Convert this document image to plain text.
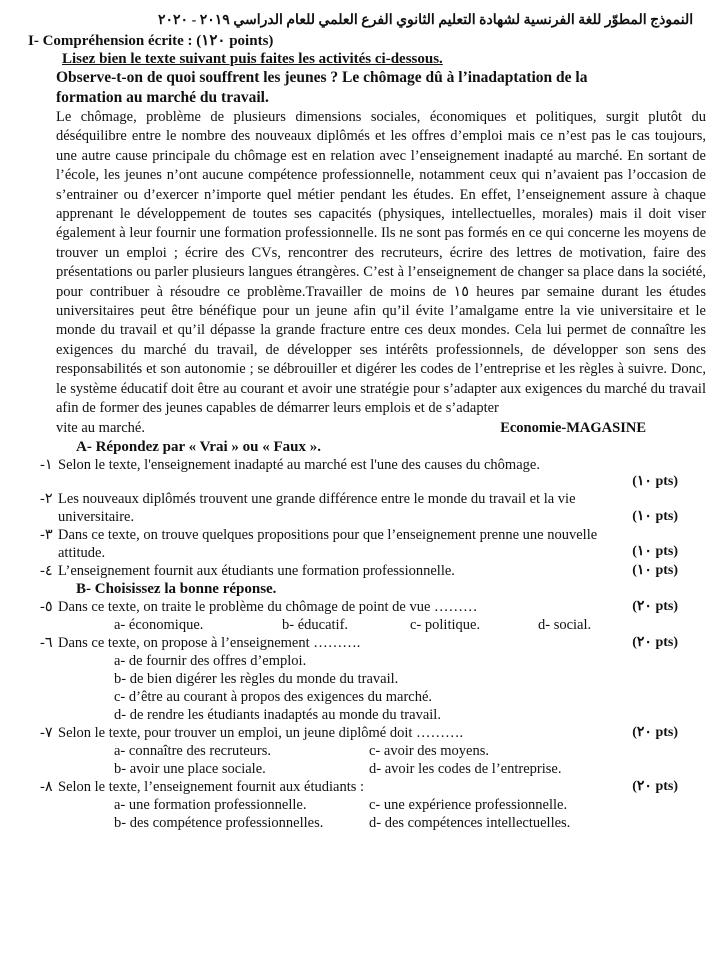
النموذج المطوّر للغة الفرنسية لشهادة التعليم الثانوي الفرع العلمي للعام الدراسي ٢٠١٩ - ٢٠٢٠
I- Compréhension écrite : (١٢٠ points)
Lisez bien le texte suivant puis faites les activités ci-dessous.
Observe-t-on de quoi souffrent les jeunes ? Le chômage dû à l’inadaptation de la
formation au marché du travail.
Le chômage, problème de plusieurs dimensions sociales, économiques et politiques, surgit plutôt du déséquilibre entre le nombre des nouveaux diplômés et les offres d’emploi mais ce n’est pas le cas toujours, une autre cause principale du chômage est en relation avec l’enseignement inadapté au marché. En sortant de l’école, les jeunes n’ont aucune compétence professionnelle, notamment ceux qui n’avaient pas l’occasion de s’entrainer ou d’exercer n’importe quel métier pendant les études. En effet, l’enseignement assure à chaque apprenant le développement de toutes ses capacités (physiques, intellectuelles, morales) mais il doit viser également à leur fournir une formation professionnelle. Ils ne sont pas formés en ce qui concerne les moyens de trouver un emploi ; écrire des CVs, rencontrer des recruteurs, écrire des lettres de motivation, faire des présentations ou parler plusieurs langues étrangères. C’est à l’enseignement de changer sa place dans la société, pour contribuer à résoudre ce problème.Travailler de moins de ١٥ heures par semaine durant les études universitaires peut être bénéfique pour un jeune afin qu’il évite l’amalgame entre la vie universitaire et le monde du travail et qu’il dépasse la grande fracture entre ces deux mondes. Cela lui permet de connaître les exigences du marché du travail, de développer ses intérêts professionnels, de développer son sens des responsabilités et son autonomie ; se débrouiller et digérer les codes de l’entreprise et les règles à suivre. Donc, le système éducatif doit être au courant et avoir une stratégie pour s’adapter aux exigences du marché du travail afin de former des jeunes capables de démarrer leurs emplois et de s’adapter
vite au marché.	Economie-MAGASINE
A- Répondez par « Vrai » ou « Faux ».
١- Selon le texte, l'enseignement inadapté au marché est l'une des causes du chômage.
(١٠ pts)
٢- Les nouveaux diplômés trouvent une grande différence entre le monde du travail et la vie
universitaire.	(١٠ pts)
٣- Dans ce texte, on trouve quelques propositions pour que l’enseignement prenne une nouvelle
(١٠ pts)
attitude.
٤- L’enseignement fournit aux étudiants une formation professionnelle.	(١٠ pts)
B- Choisissez la bonne réponse.
٥- Dans ce texte, on traite le problème du chômage de point de vue ………	(٢٠ pts)
a- économique.	b- éducatif.	c- politique.	d- social.
٦- Dans ce texte, on propose à l’enseignement ……….	(٢٠ pts)
a- de fournir des offres d’emploi.
b- de bien digérer les règles du monde du travail.
c- d’être au courant à propos des exigences du marché.
d- de rendre les étudiants inadaptés au monde du travail.
٧- Selon le texte, pour trouver un emploi, un jeune diplômé doit ……….	(٢٠ pts)
a- connaître des recruteurs.	c- avoir des moyens.
b- avoir une place sociale.	d- avoir les codes de l’entreprise.
٨- Selon le texte, l’enseignement fournit aux étudiants :	(٢٠ pts)
a- une formation professionnelle.	c- une expérience professionnelle.
b- des compétence professionnelles.	d- des compétences intellectuelles.
